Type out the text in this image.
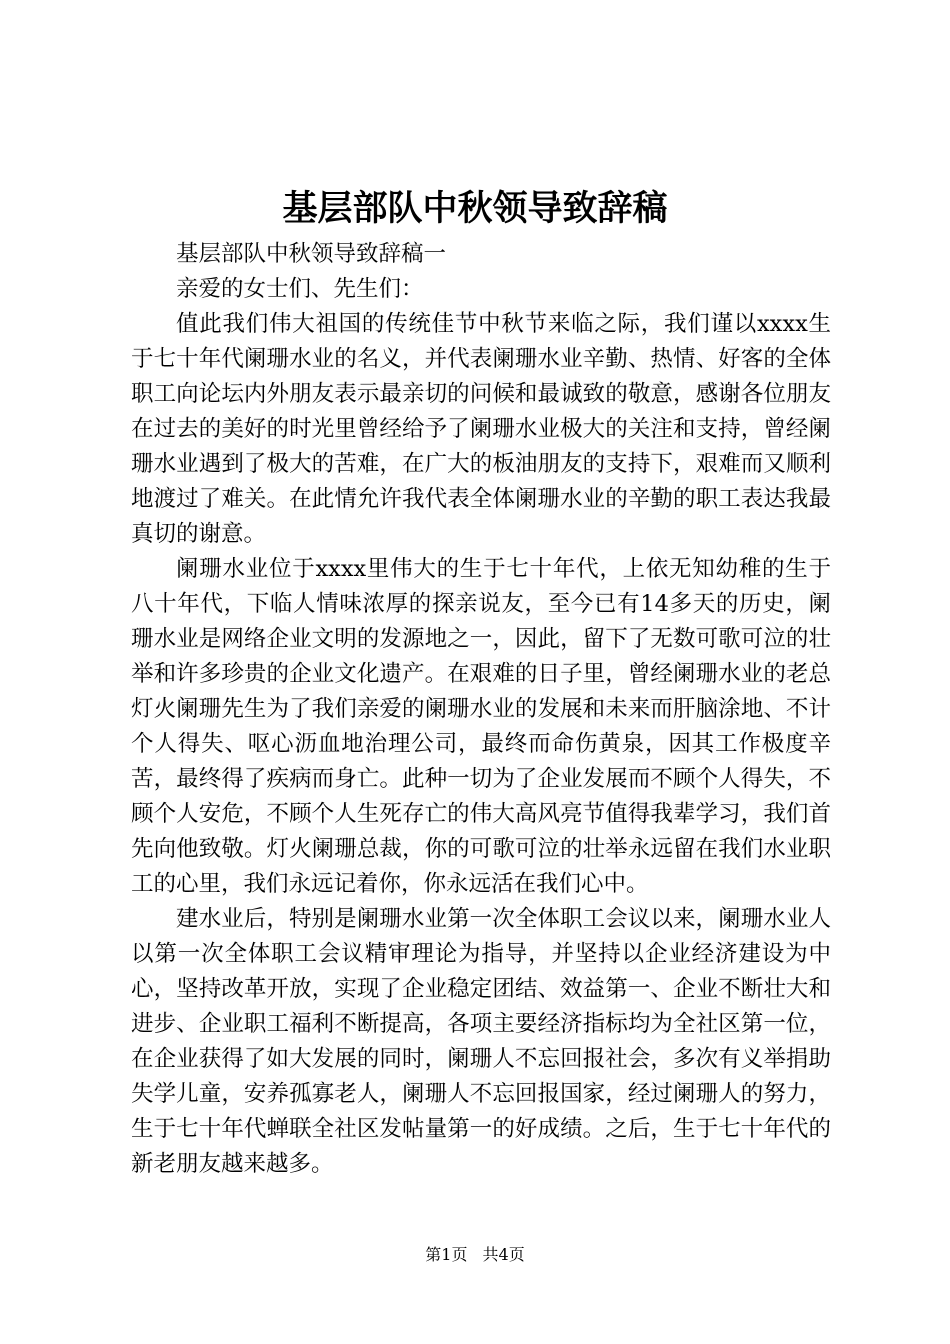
基层部队中秋领导致辞稿

基层部队中秋领导致辞稿一

亲爱的女士们、先生们：

值此我们伟大祖国的传统佳节中秋节来临之际，我们谨以xxxx生于七十年代阑珊水业的名义，并代表阑珊水业辛勤、热情、好客的全体职工向论坛内外朋友表示最亲切的问候和最诚致的敬意，感谢各位朋友在过去的美好的时光里曾经给予了阑珊水业极大的关注和支持，曾经阑珊水业遇到了极大的苦难，在广大的板油朋友的支持下，艰难而又顺利地渡过了难关。在此情允许我代表全体阑珊水业的辛勤的职工表达我最真切的谢意。

阑珊水业位于xxxx里伟大的生于七十年代，上依无知幼稚的生于八十年代，下临人情味浓厚的探亲说友，至今已有14多天的历史，阑珊水业是网络企业文明的发源地之一，因此，留下了无数可歌可泣的壮举和许多珍贵的企业文化遗产。在艰难的日子里，曾经阑珊水业的老总灯火阑珊先生为了我们亲爱的阑珊水业的发展和未来而肝脑涂地、不计个人得失、呕心沥血地治理公司，最终而命伤黄泉，因其工作极度辛苦，最终得了疾病而身亡。此种一切为了企业发展而不顾个人得失，不顾个人安危，不顾个人生死存亡的伟大高风亮节值得我辈学习，我们首先向他致敬。灯火阑珊总裁，你的可歌可泣的壮举永远留在我们水业职工的心里，我们永远记着你，你永远活在我们心中。

建水业后，特别是阑珊水业第一次全体职工会议以来，阑珊水业人以第一次全体职工会议精审理论为指导，并坚持以企业经济建设为中心，坚持改革开放，实现了企业稳定团结、效益第一、企业不断壮大和进步、企业职工福利不断提高，各项主要经济指标均为全社区第一位，在企业获得了如大发展的同时，阑珊人不忘回报社会，多次有义举捐助失学儿童，安养孤寡老人，阑珊人不忘回报国家，经过阑珊人的努力，生于七十年代蝉联全社区发帖量第一的好成绩。之后，生于七十年代的新老朋友越来越多。

第1页 共4页
